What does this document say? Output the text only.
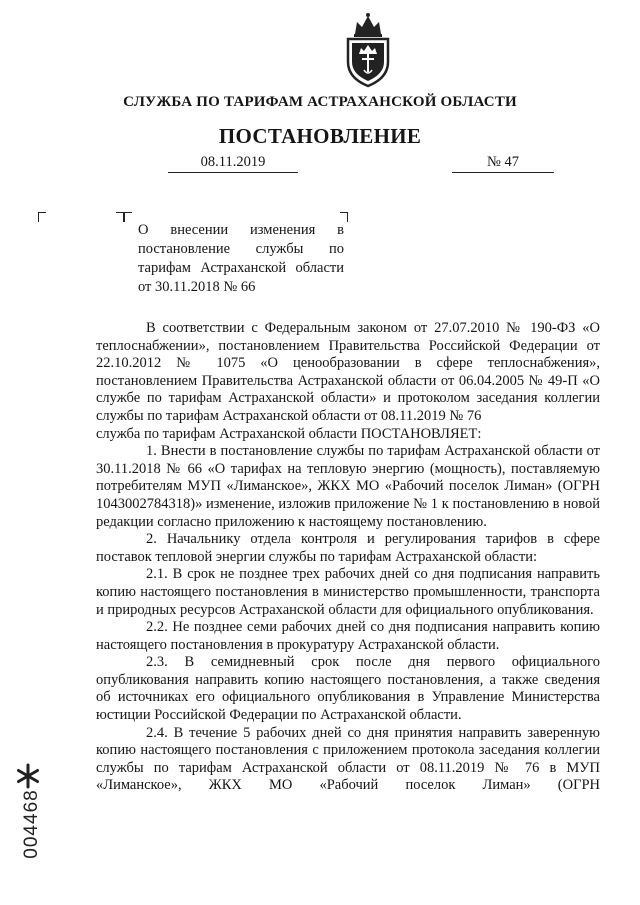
СЛУЖБА ПО ТАРИФАМ АСТРАХАНСКОЙ ОБЛАСТИ
ПОСТАНОВЛЕНИЕ
08.11.2019	№ 47
О внесении изменения в постановление службы по тарифам Астраханской области от 30.11.2018 № 66

В соответствии с Федеральным законом от 27.07.2010 № 190-ФЗ «О теплоснабжении», постановлением Правительства Российской Федерации от 22.10.2012 № 1075 «О ценообразовании в сфере теплоснабжения», постановлением Правительства Астраханской области от 06.04.2005 № 49-П «О службе по тарифам Астраханской области» и протоколом заседания коллегии службы по тарифам Астраханской области от 08.11.2019 № 76

служба по тарифам Астраханской области ПОСТАНОВЛЯЕТ:

1. Внести в постановление службы по тарифам Астраханской области от 30.11.2018 № 66 «О тарифах на тепловую энергию (мощность), поставляемую потребителям МУП «Лиманское», ЖКХ МО «Рабочий поселок Лиман» (ОГРН 1043002784318)» изменение, изложив приложение № 1 к постановлению в новой редакции согласно приложению к настоящему постановлению.

2. Начальнику отдела контроля и регулирования тарифов в сфере поставок тепловой энергии службы по тарифам Астраханской области:

2.1. В срок не позднее трех рабочих дней со дня подписания направить копию настоящего постановления в министерство промышленности, транспорта и природных ресурсов Астраханской области для официального опубликования.

2.2. Не позднее семи рабочих дней со дня подписания направить копию настоящего постановления в прокуратуру Астраханской области.

2.3. В семидневный срок после дня первого официального опубликования направить копию настоящего постановления, а также сведения об источниках его официального опубликования в Управление Министерства юстиции Российской Федерации по Астраханской области.

2.4. В течение 5 рабочих дней со дня принятия направить заверенную копию настоящего постановления с приложением протокола заседания коллегии службы по тарифам Астраханской области от 08.11.2019 № 76 в МУП «Лиманское», ЖКХ МО «Рабочий поселок Лиман» (ОГРН

004468
